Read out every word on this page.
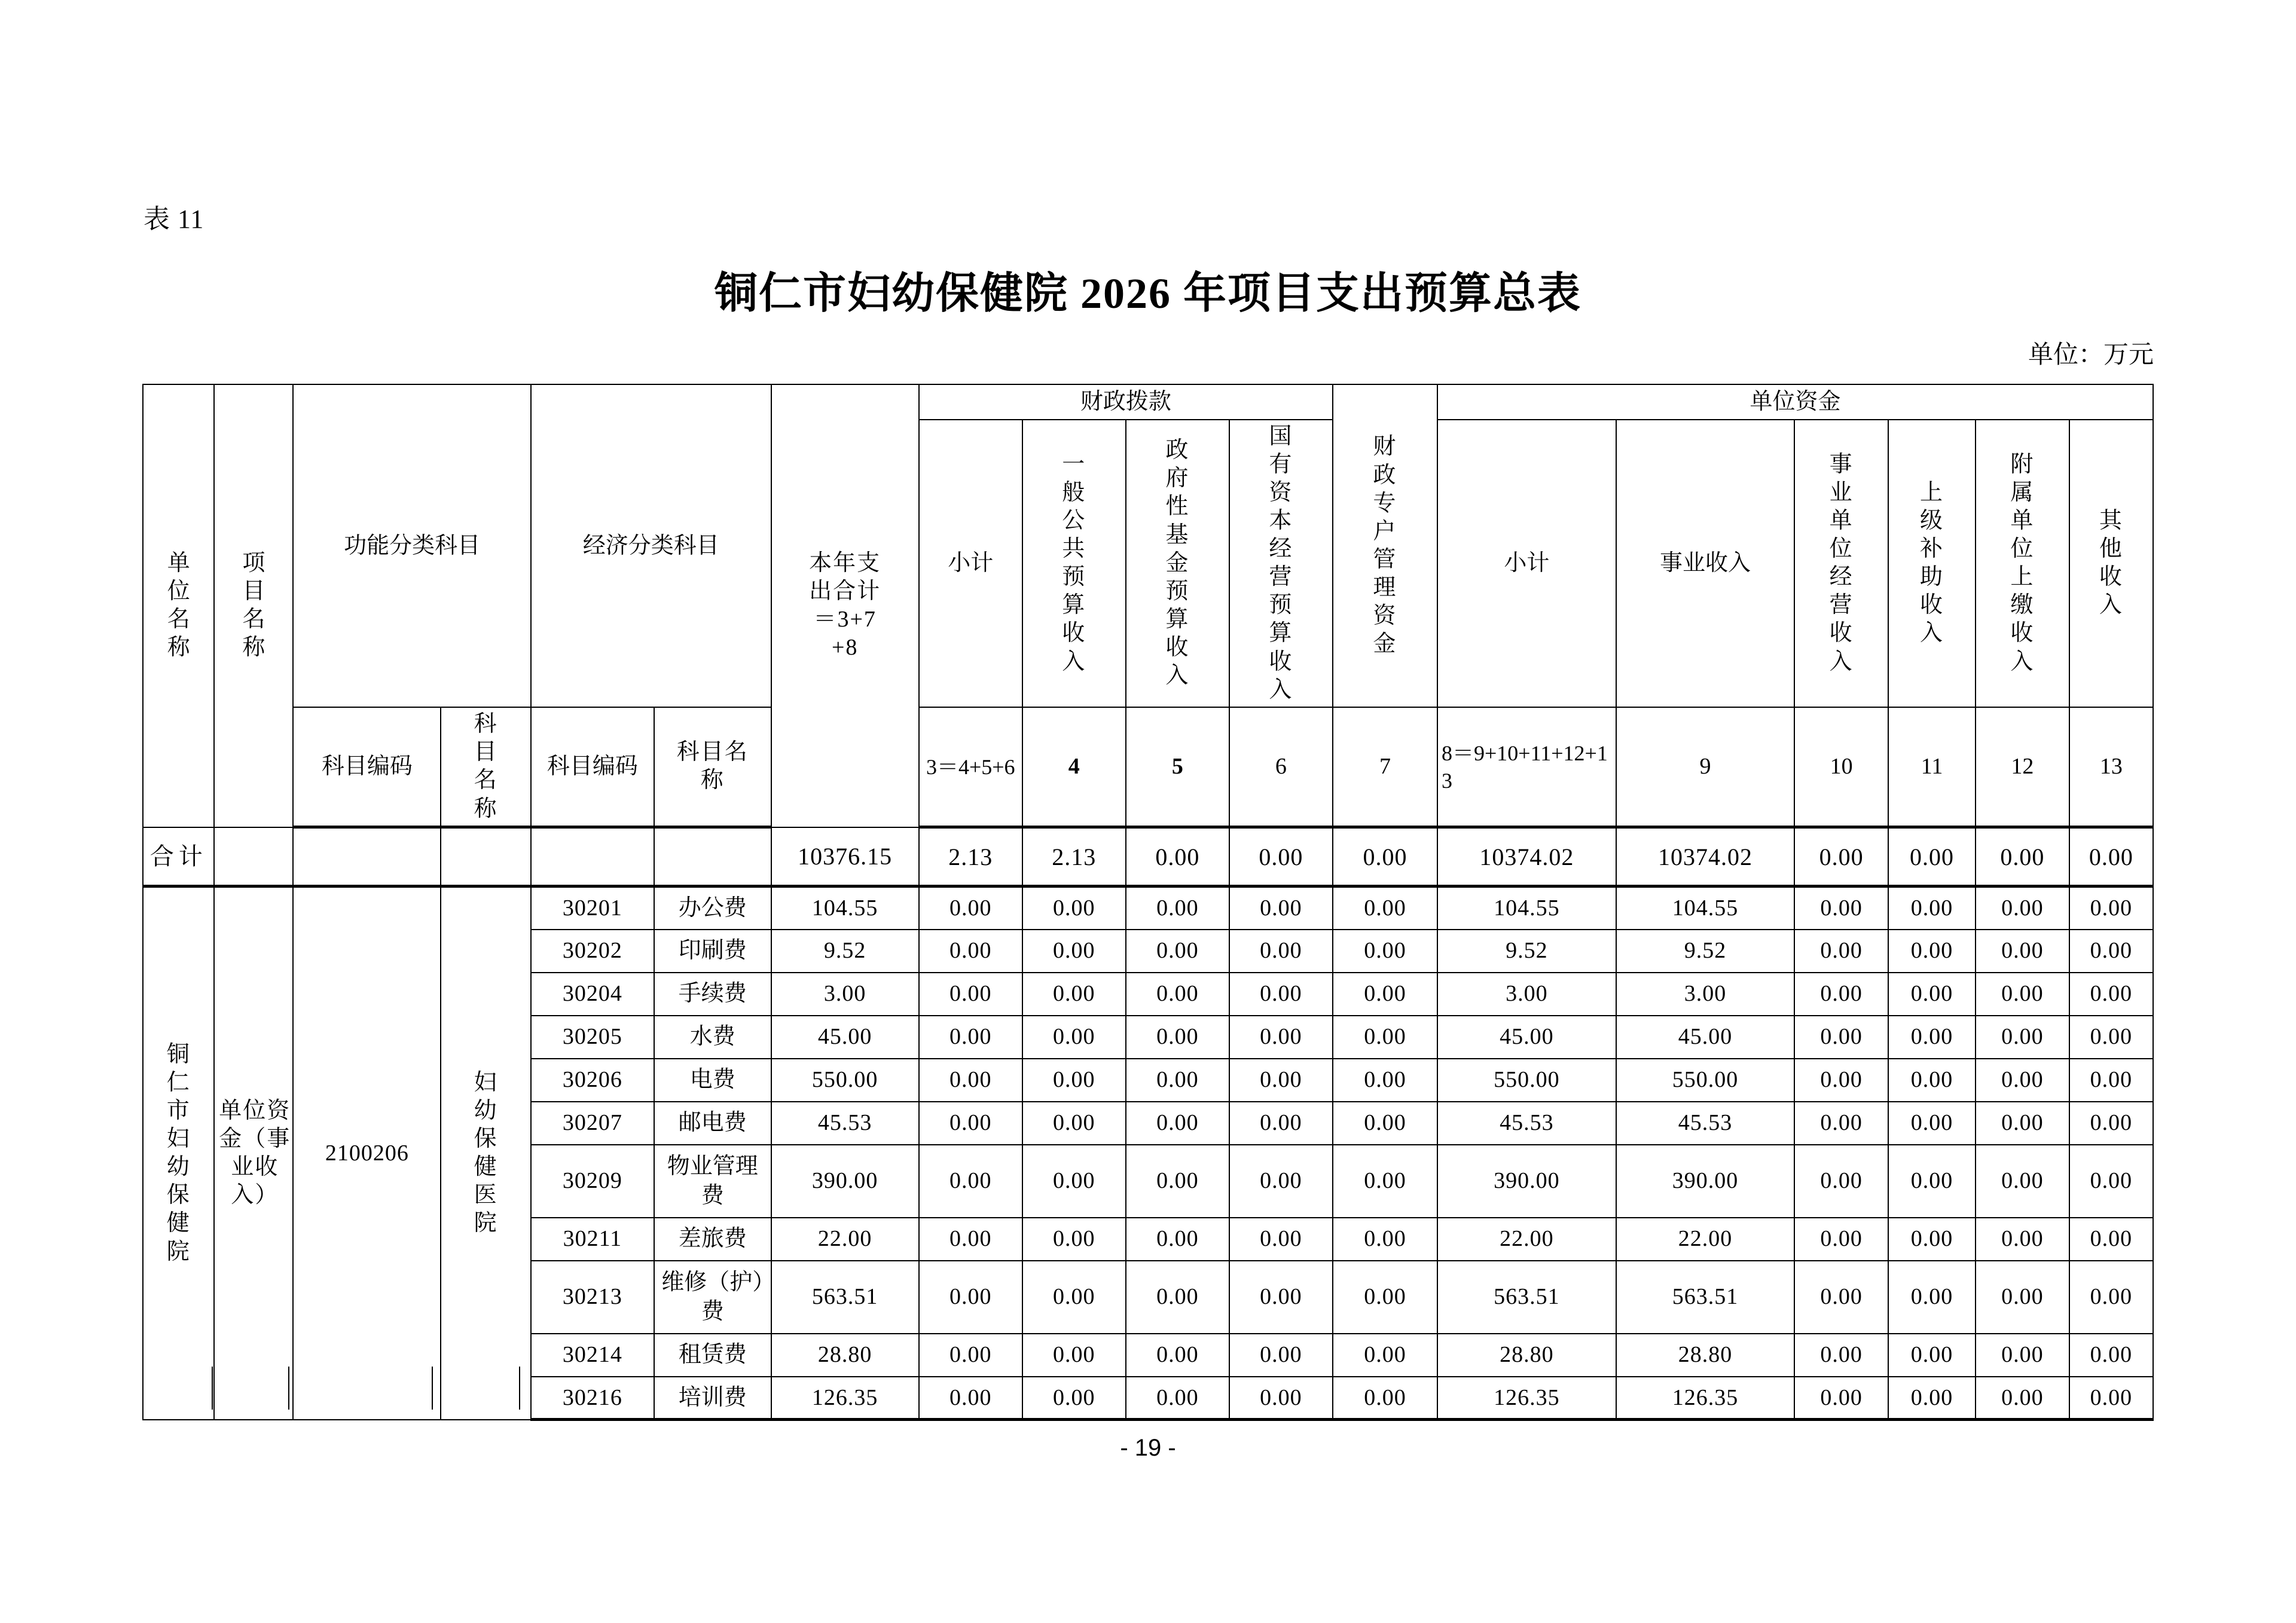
表 11
铜仁市妇幼保健院 2026 年项目支出预算总表
单位：万元
单位名称	项目名称	功能分类科目		经济分类科目		本年支出合计＝3+7+8	财政拨款				财政专户管理资金	单位资金					
							小计	一般公共预算收入	政府性基金预算收入	国有资本经营预算收入		小计	事业收入	事业单位经营收入	上级补助收入	附属单位上缴收入	其他收入
		科目编码	科目名称	科目编码	科目名称		3＝4+5+6	4	5	6	7	8＝9+10+11+12+13	9	10	11	12	13
合计						10376.15	2.13	2.13	0.00	0.00	0.00	10374.02	10374.02	0.00	0.00	0.00	0.00
铜仁市妇幼保健院	单位资金（事业收入）	2100206	妇幼保健医院	30201	办公费	104.55	0.00	0.00	0.00	0.00	0.00	104.55	104.55	0.00	0.00	0.00	0.00
				30202	印刷费	9.52	0.00	0.00	0.00	0.00	0.00	9.52	9.52	0.00	0.00	0.00	0.00
				30204	手续费	3.00	0.00	0.00	0.00	0.00	0.00	3.00	3.00	0.00	0.00	0.00	0.00
				30205	水费	45.00	0.00	0.00	0.00	0.00	0.00	45.00	45.00	0.00	0.00	0.00	0.00
				30206	电费	550.00	0.00	0.00	0.00	0.00	0.00	550.00	550.00	0.00	0.00	0.00	0.00
				30207	邮电费	45.53	0.00	0.00	0.00	0.00	0.00	45.53	45.53	0.00	0.00	0.00	0.00
				30209	物业管理费	390.00	0.00	0.00	0.00	0.00	0.00	390.00	390.00	0.00	0.00	0.00	0.00
				30211	差旅费	22.00	0.00	0.00	0.00	0.00	0.00	22.00	22.00	0.00	0.00	0.00	0.00
				30213	维修（护）费	563.51	0.00	0.00	0.00	0.00	0.00	563.51	563.51	0.00	0.00	0.00	0.00
				30214	租赁费	28.80	0.00	0.00	0.00	0.00	0.00	28.80	28.80	0.00	0.00	0.00	0.00
				30216	培训费	126.35	0.00	0.00	0.00	0.00	0.00	126.35	126.35	0.00	0.00	0.00	0.00
- 19 -
